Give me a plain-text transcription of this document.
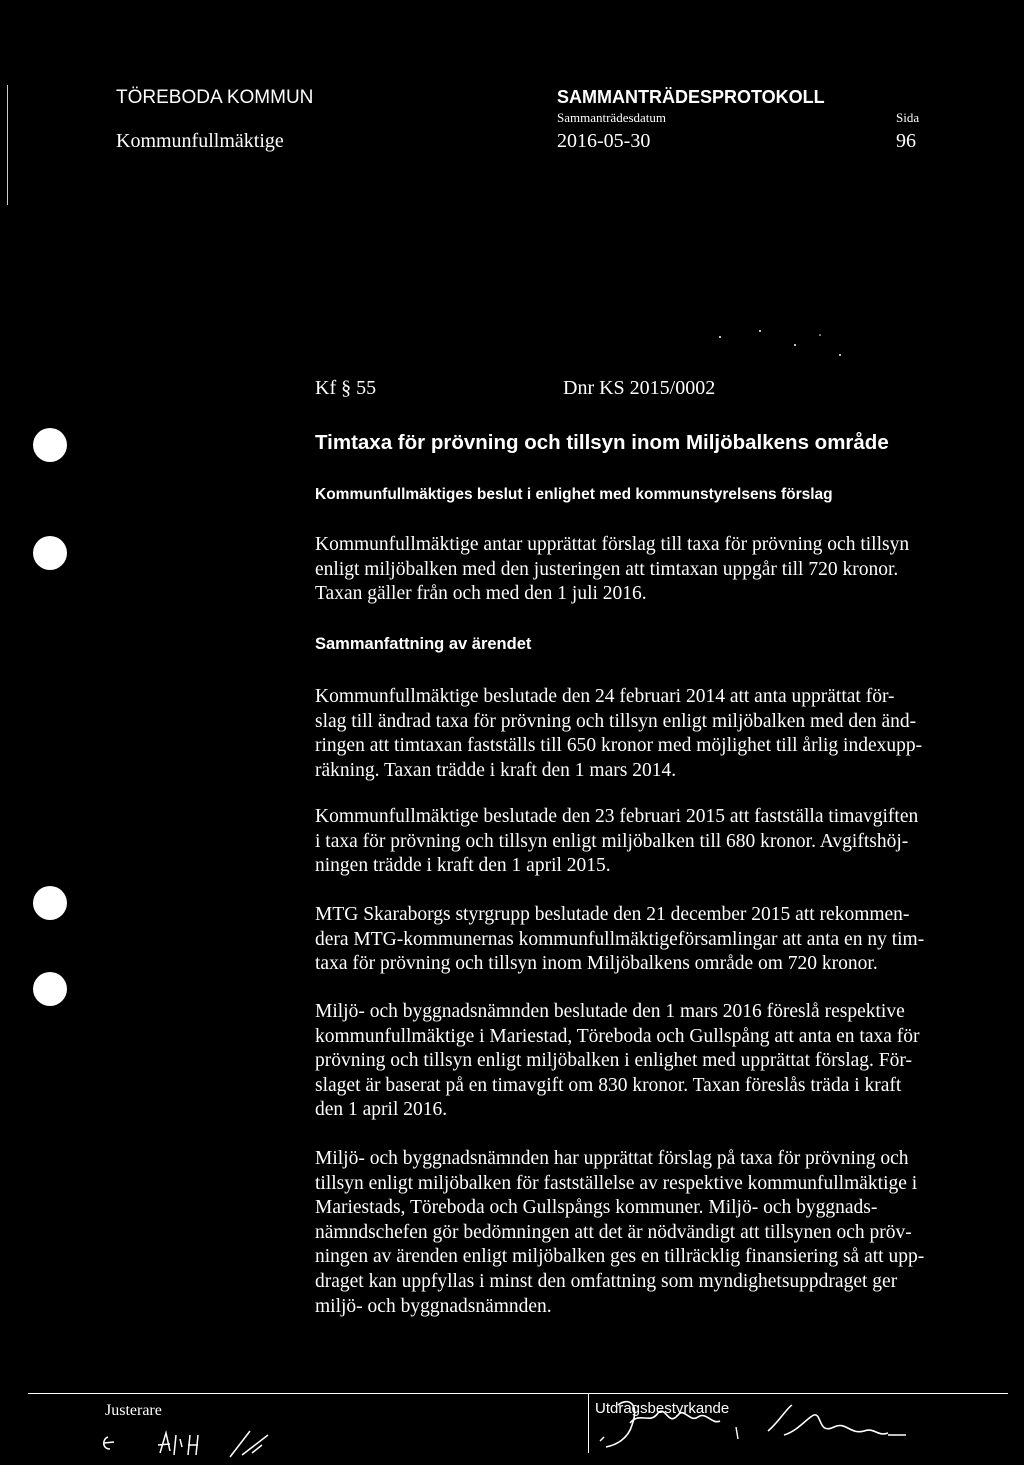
TÖREBODA KOMMUN
Kommunfullmäktige
SAMMANTRÄDESPROTOKOLL
Sammanträdesdatum
2016-05-30
Sida
96
Kf § 55	Dnr KS 2015/0002
Timtaxa för prövning och tillsyn inom Miljöbalkens område
Kommunfullmäktiges beslut i enlighet med kommunstyrelsens förslag
Kommunfullmäktige antar upprättat förslag till taxa för prövning och tillsyn
enligt miljöbalken med den justeringen att timtaxan uppgår till 720 kronor.
Taxan gäller från och med den 1 juli 2016.
Sammanfattning av ärendet
Kommunfullmäktige beslutade den 24 februari 2014 att anta upprättat för-
slag till ändrad taxa för prövning och tillsyn enligt miljöbalken med den änd-
ringen att timtaxan fastställs till 650 kronor med möjlighet till årlig indexupp-
räkning. Taxan trädde i kraft den 1 mars 2014.
Kommunfullmäktige beslutade den 23 februari 2015 att fastställa timavgiften
i taxa för prövning och tillsyn enligt miljöbalken till 680 kronor. Avgiftshöj-
ningen trädde i kraft den 1 april 2015.
MTG Skaraborgs styrgrupp beslutade den 21 december 2015 att rekommen-
dera MTG-kommunernas kommunfullmäktigeförsamlingar att anta en ny tim-
taxa för prövning och tillsyn inom Miljöbalkens område om 720 kronor.
Miljö- och byggnadsnämnden beslutade den 1 mars 2016 föreslå respektive
kommunfullmäktige i Mariestad, Töreboda och Gullspång att anta en taxa för
prövning och tillsyn enligt miljöbalken i enlighet med upprättat förslag. För-
slaget är baserat på en timavgift om 830 kronor. Taxan föreslås träda i kraft
den 1 april 2016.
Miljö- och byggnadsnämnden har upprättat förslag på taxa för prövning och
tillsyn enligt miljöbalken för fastställelse av respektive kommunfullmäktige i
Mariestads, Töreboda och Gullspångs kommuner. Miljö- och byggnads-
nämndschefen gör bedömningen att det är nödvändigt att tillsynen och pröv-
ningen av ärenden enligt miljöbalken ges en tillräcklig finansiering så att upp-
draget kan uppfyllas i minst den omfattning som myndighetsuppdraget ger
miljö- och byggnadsnämnden.
Justerare	Utdragsbestyrkande
